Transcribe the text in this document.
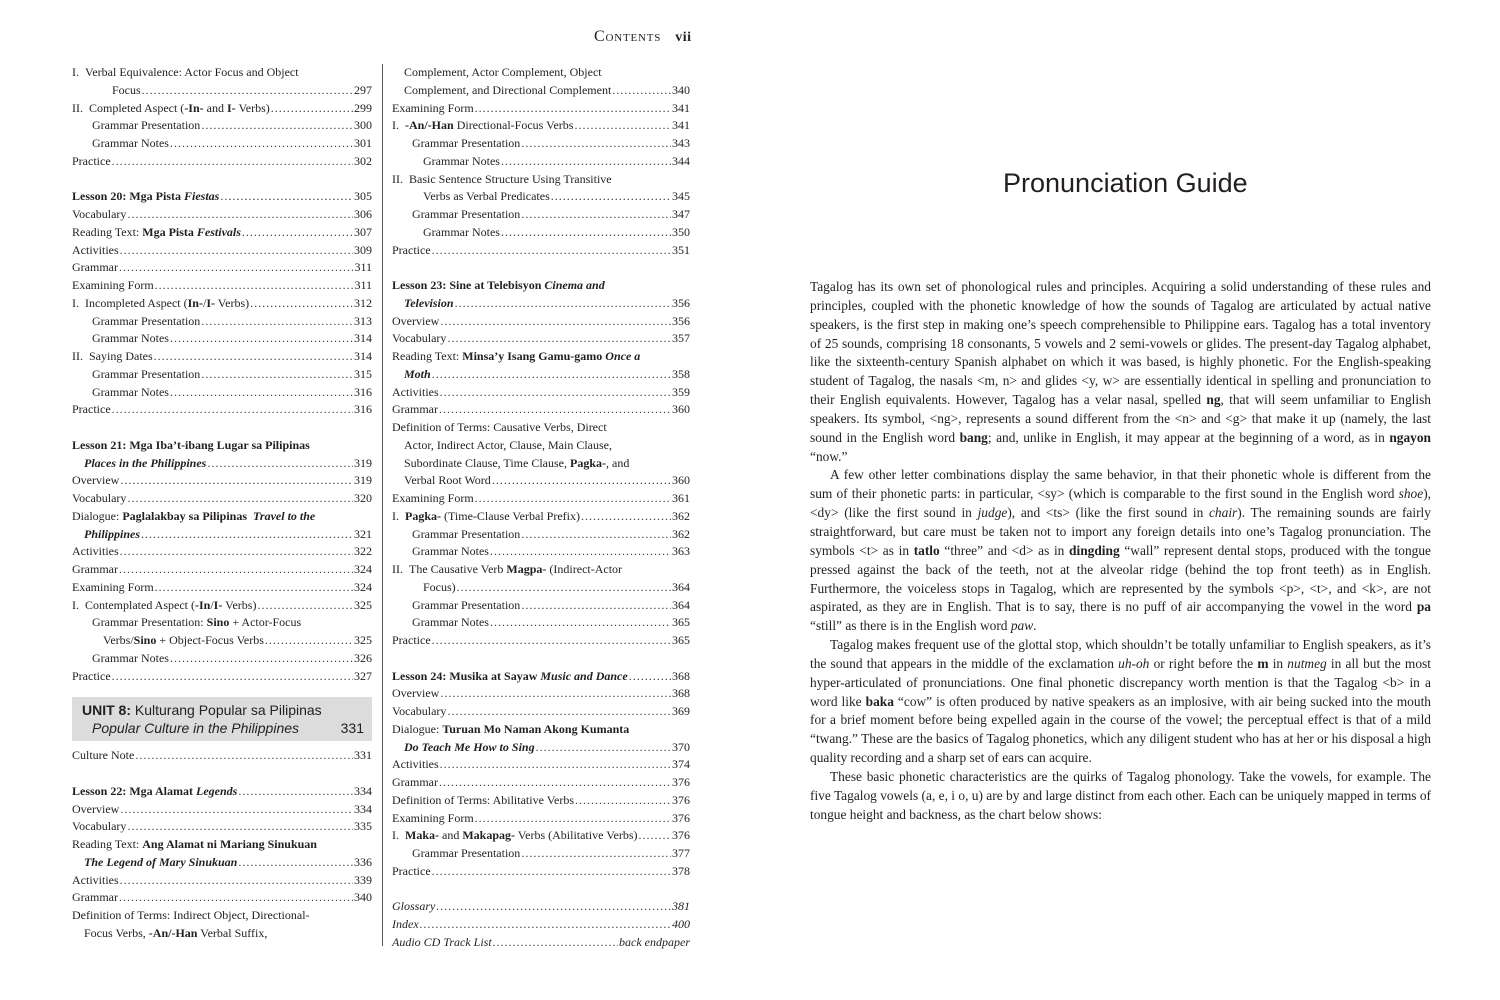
Contents vii
I.  Verbal Equivalence: Actor Focus and Object
Focus .....	297
II.  Completed Aspect (-In- and I- Verbs) .....	299
Grammar Presentation .....	300
Grammar Notes .....	301
Practice .....	302
Lesson 20: Mga Pista Fiestas .....	305
Vocabulary .....	306
Reading Text: Mga Pista Festivals .....	307
Activities .....	309
Grammar .....	311
Examining Form .....	311
I.  Incompleted Aspect (In-/I- Verbs) .....	312
Grammar Presentation .....	313
Grammar Notes .....	314
II.  Saying Dates .....	314
Grammar Presentation .....	315
Grammar Notes .....	316
Practice .....	316
Lesson 21: Mga Iba’t-ibang Lugar sa Pilipinas
Places in the Philippines .....	319
Overview .....	319
Vocabulary .....	320
Dialogue: Paglalakbay sa Pilipinas Travel to the
Philippines .....	321
Activities .....	322
Grammar .....	324
Examining Form .....	324
I.  Contemplated Aspect (-In/I- Verbs) .....	325
Grammar Presentation: Sino + Actor-Focus
Verbs/Sino + Object-Focus Verbs .....	325
Grammar Notes .....	326
Practice .....	327
UNIT 8: Kulturang Popular sa Pilipinas
Popular Culture in the Philippines	331
Culture Note .....	331
Lesson 22: Mga Alamat Legends .....	334
Overview .....	334
Vocabulary .....	335
Reading Text: Ang Alamat ni Mariang Sinukuan
The Legend of Mary Sinukuan .....	336
Activities .....	339
Grammar .....	340
Definition of Terms: Indirect Object, Directional-
Focus Verbs, -An/-Han Verbal Suffix,
Complement, Actor Complement, Object
Complement, and Directional Complement .....	340
Examining Form .....	341
I.  -An/-Han Directional-Focus Verbs .....	341
Grammar Presentation .....	343
Grammar Notes .....	344
II.  Basic Sentence Structure Using Transitive
Verbs as Verbal Predicates .....	345
Grammar Presentation .....	347
Grammar Notes .....	350
Practice .....	351
Lesson 23: Sine at Telebisyon Cinema and
Television .....	356
Overview .....	356
Vocabulary .....	357
Reading Text: Minsa’y Isang Gamu-gamo Once a
Moth .....	358
Activities .....	359
Grammar .....	360
Definition of Terms: Causative Verbs, Direct
Actor, Indirect Actor, Clause, Main Clause,
Subordinate Clause, Time Clause, Pagka-, and
Verbal Root Word .....	360
Examining Form .....	361
I.  Pagka- (Time-Clause Verbal Prefix) .....	362
Grammar Presentation .....	362
Grammar Notes .....	363
II.  The Causative Verb Magpa- (Indirect-Actor
Focus) .....	364
Grammar Presentation .....	364
Grammar Notes .....	365
Practice .....	365
Lesson 24: Musika at Sayaw Music and Dance .....	368
Overview .....	368
Vocabulary .....	369
Dialogue: Turuan Mo Naman Akong Kumanta
Do Teach Me How to Sing .....	370
Activities .....	374
Grammar .....	376
Definition of Terms: Abilitative Verbs .....	376
Examining Form .....	376
I.  Maka- and Makapag- Verbs (Abilitative Verbs) .....	376
Grammar Presentation .....	377
Practice .....	378
Glossary .....	381
Index .....	400
Audio CD Track List .....	back endpaper
Pronunciation Guide

Tagalog has its own set of phonological rules and principles. Acquiring a solid understanding of these rules and principles, coupled with the phonetic knowledge of how the sounds of Tagalog are articulated by actual native speakers, is the first step in making one’s speech comprehensible to Philippine ears. Tagalog has a total inventory of 25 sounds, comprising 18 consonants, 5 vowels and 2 semi-vowels or glides. The present-day Tagalog alphabet, like the sixteenth-century Spanish alphabet on which it was based, is highly phonetic. For the English-speaking student of Tagalog, the nasals <m, n> and glides <y, w> are essentially identical in spelling and pronunciation to their English equivalents. However, Tagalog has a velar nasal, spelled ng, that will seem unfamiliar to English speakers. Its symbol, <ng>, represents a sound different from the <n> and <g> that make it up (namely, the last sound in the English word bang; and, unlike in English, it may appear at the beginning of a word, as in ngayon “now.”

A few other letter combinations display the same behavior, in that their phonetic whole is different from the sum of their phonetic parts: in particular, <sy> (which is comparable to the first sound in the English word shoe), <dy> (like the first sound in judge), and <ts> (like the first sound in chair). The remaining sounds are fairly straightforward, but care must be taken not to import any foreign details into one’s Tagalog pronunciation. The symbols <t> as in tatlo “three” and <d> as in dingding “wall” represent dental stops, produced with the tongue pressed against the back of the teeth, not at the alveolar ridge (behind the top front teeth) as in English. Furthermore, the voiceless stops in Tagalog, which are represented by the symbols <p>, <t>, and <k>, are not aspirated, as they are in English. That is to say, there is no puff of air accompanying the vowel in the word pa “still” as there is in the English word paw.

Tagalog makes frequent use of the glottal stop, which shouldn’t be totally unfamiliar to English speakers, as it’s the sound that appears in the middle of the exclamation uh-oh or right before the m in nutmeg in all but the most hyper-articulated of pronunciations. One final phonetic discrepancy worth mention is that the Tagalog <b> in a word like baka “cow” is often produced by native speakers as an implosive, with air being sucked into the mouth for a brief moment before being expelled again in the course of the vowel; the perceptual effect is that of a mild “twang.” These are the basics of Tagalog phonetics, which any diligent student who has at her or his disposal a high quality recording and a sharp set of ears can acquire.

These basic phonetic characteristics are the quirks of Tagalog phonology. Take the vowels, for example. The five Tagalog vowels (a, e, i o, u) are by and large distinct from each other. Each can be uniquely mapped in terms of tongue height and backness, as the chart below shows:
